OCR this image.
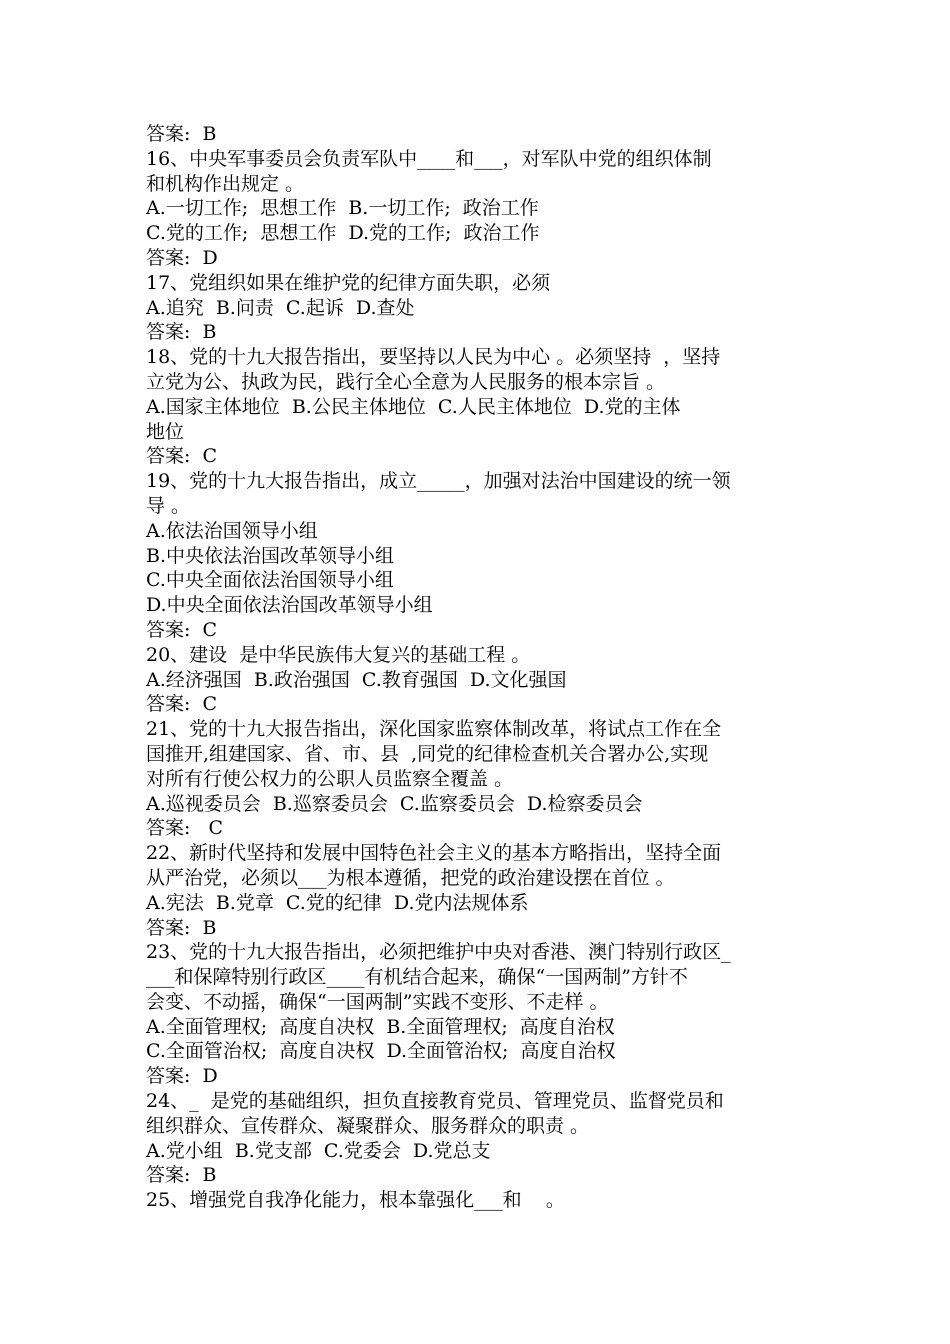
答案:  B
16、中央军事委员会负责军队中____和___，对军队中党的组织体制
和机构作出规定 。
A.一切工作;  思想工作  B.一切工作;  政治工作
C.党的工作;  思想工作  D.党的工作;  政治工作
答案:  D
17、党组织如果在维护党的纪律方面失职，必须
A.追究  B.问责  C.起诉  D.查处
答案:  B
18、党的十九大报告指出，要坚持以人民为中心 。必须坚持  ，坚持
立党为公、执政为民，践行全心全意为人民服务的根本宗旨 。
A.国家主体地位  B.公民主体地位  C.人民主体地位  D.党的主体
地位
答案:  C
19、党的十九大报告指出，成立_____，加强对法治中国建设的统一领
导 。
A.依法治国领导小组
B.中央依法治国改革领导小组
C.中央全面依法治国领导小组
D.中央全面依法治国改革领导小组
答案:  C
20、建设  是中华民族伟大复兴的基础工程 。
A.经济强国  B.政治强国  C.教育强国  D.文化强国
答案:  C
21、党的十九大报告指出，深化国家监察体制改革，将试点工作在全
国推开,组建国家、省、市、县  ,同党的纪律检查机关合署办公,实现
对所有行使公权力的公职人员监察全覆盖 。
A.巡视委员会  B.巡察委员会  C.监察委员会  D.检察委员会
答案:   C
22、新时代坚持和发展中国特色社会主义的基本方略指出，坚持全面
从严治党，必须以___为根本遵循，把党的政治建设摆在首位 。
A.宪法  B.党章  C.党的纪律  D.党内法规体系
答案:  B
23、党的十九大报告指出，必须把维护中央对香港、澳门特别行政区_
___和保障特别行政区____有机结合起来，确保“一国两制”方针不
会变、不动摇，确保“一国两制”实践不变形、不走样 。
A.全面管理权;  高度自决权  B.全面管理权;  高度自治权
C.全面管治权;  高度自决权  D.全面管治权;  高度自治权
答案:  D
24、_  是党的基础组织，担负直接教育党员、管理党员、监督党员和
组织群众、宣传群众、凝聚群众、服务群众的职责 。
A.党小组  B.党支部  C.党委会  D.党总支
答案:  B
25、增强党自我净化能力，根本靠强化___和    。
